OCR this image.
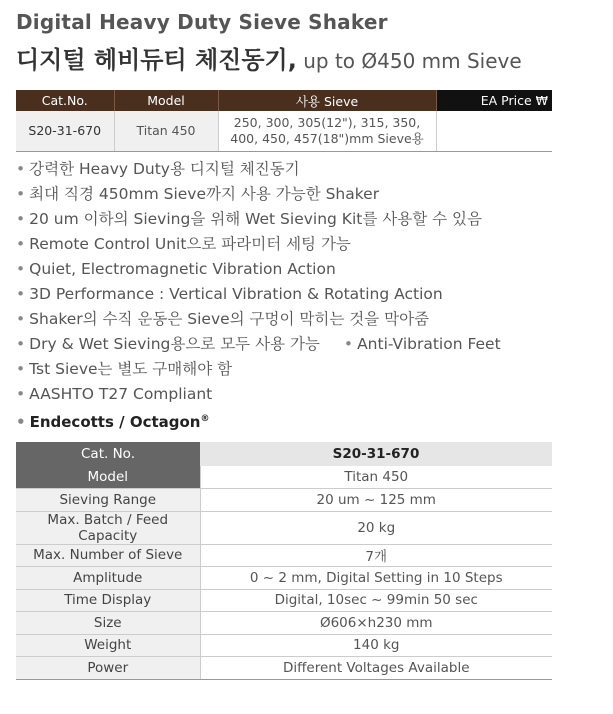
Digital Heavy Duty Sieve Shaker
디지털 헤비듀티 체진동기, up to Ø450 mm Sieve
Cat.No.	Model	사용 Sieve	EA Price ₩
S20-31-670	Titan 450	250, 300, 305(12"), 315, 350,
400, 450, 457(18")mm Sieve용	

• 강력한 Heavy Duty용 디지털 체진동기
• 최대 직경 450mm Sieve까지 사용 가능한 Shaker
• 20 um 이하의 Sieving을 위해 Wet Sieving Kit를 사용할 수 있음
• Remote Control Unit으로 파라미터 세팅 가능
• Quiet, Electromagnetic Vibration Action
• 3D Performance : Vertical Vibration & Rotating Action
• Shaker의 수직 운동은 Sieve의 구멍이 막히는 것을 막아줌
• Dry & Wet Sieving용으로 모두 사용 가능 • Anti-Vibration Feet
• Tst Sieve는 별도 구매해야 함
• AASHTO T27 Compliant
• Endecotts / Octagon®
Cat. No.	S20-31-670
Model	Titan 450
Sieving Range	20 um ~ 125 mm
Max. Batch / Feed Capacity	20 kg
Max. Number of Sieve	7개
Amplitude	0 ~ 2 mm, Digital Setting in 10 Steps
Time Display	Digital, 10sec ~ 99min 50 sec
Size	Ø606×h230 mm
Weight	140 kg
Power	Different Voltages Available
